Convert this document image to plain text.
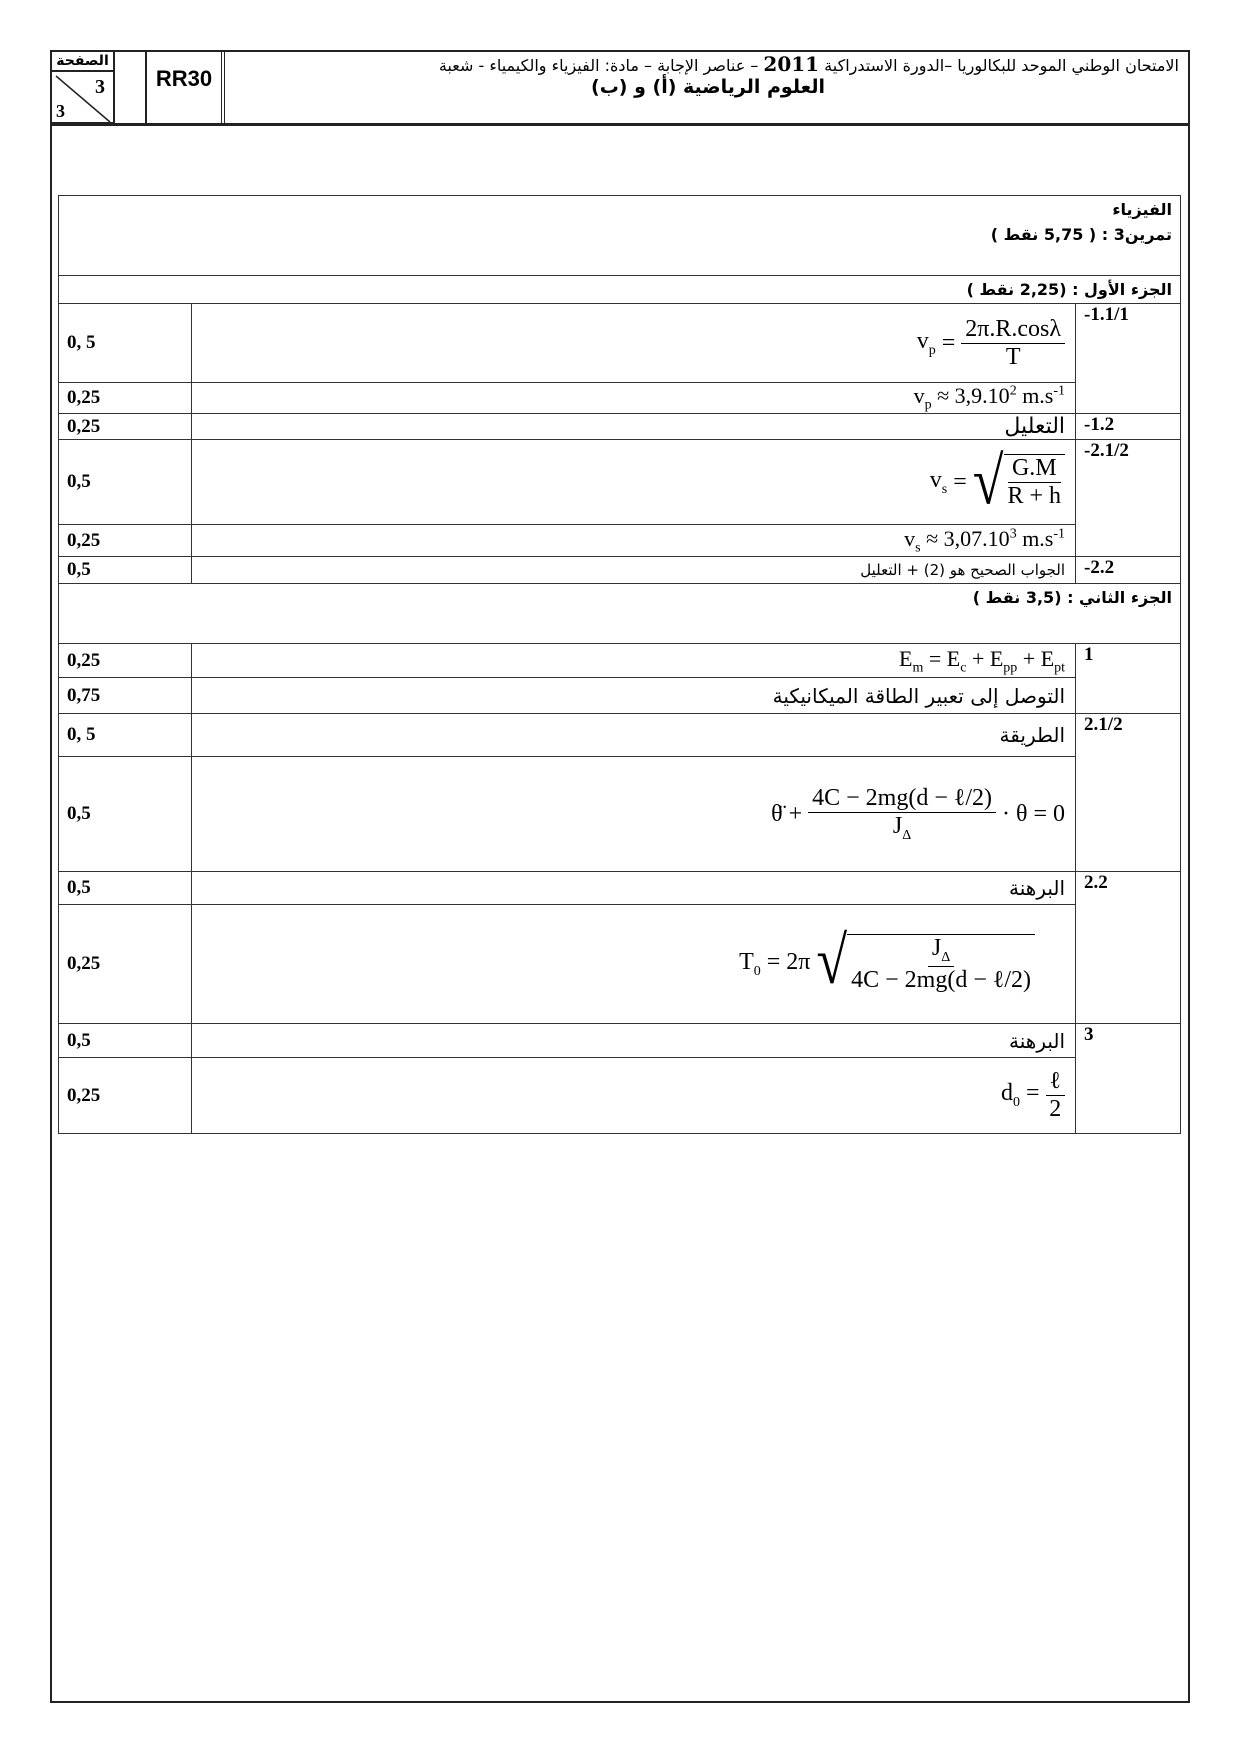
الصفحة
3
3
RR30
الامتحان الوطني الموحد للبكالوريا –الدورة الاستدراكية 2011 – عناصر الإجابة – مادة: الفيزياء والكيمياء - شعبة
العلوم الرياضية (أ) و (ب)
الفيزياء
تمرين3 : ( 5,75 نقط )		

الجزء الأول : (2,25 نقط )		
0, 5	$v_p = \frac{2\pi.R.\cos\lambda}{T}$	-1.1/1
0,25	$v_p \approx 3,9.10^2$ $m.s^{-1}$
0,25	التعليل	-1.2
0,5	$v_s$ = √ $\frac{G.M}{R + h}$	-2.1/2
0,25	$v_s \approx 3,07.10^3$ $m.s^{-1}$
0,5	الجواب الصحيح هو (2) + التعليل	-2.2
الجزء الثاني : (3,5 نقط )		
0,25	$E_m = E_c + E_{pp} + E_{pt}$	1
0,75	التوصل إلى تعبير الطاقة الميكانيكية	
0, 5	الطريقة	2.1/2
0,5	θ̈ + $\frac{\text{4C − 2mg(d − ℓ/2)}}{J_\Delta} \cdot \theta = 0$	

0,5	البرهنة	2.2
0,25	$T_0 = 2\pi$ √ $\frac{J_\Delta}{\text{4C − 2mg(d − ℓ/2)}}$

0,5	البرهنة	3
0,25	$d_0 = \frac{\text{ℓ}}{2}$
